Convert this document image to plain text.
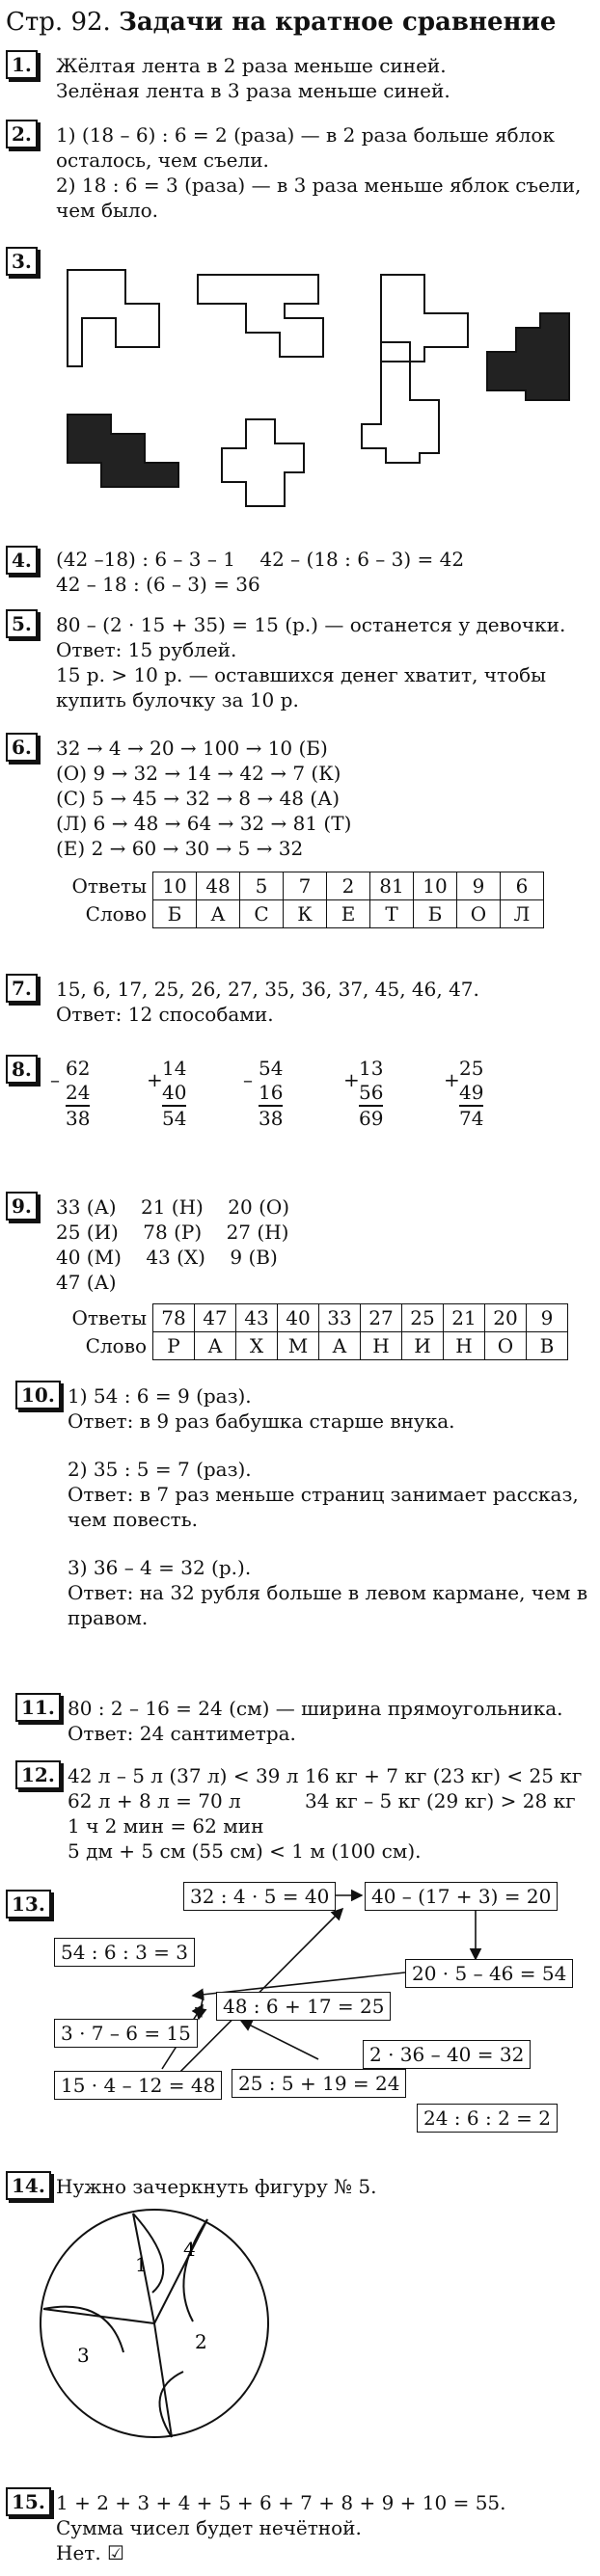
Стр. 92. Задачи на кратное сравнение
1.	Жёлтая лента в 2 раза меньше синей.
Зелёная лента в 3 раза меньше синей.
2.	1) (18 – 6) : 6 = 2 (раза) — в 2 раза больше яблок
осталось, чем съели.
2) 18 : 6 = 3 (раза) — в 3 раза меньше яблок съели,
чем было.
3.
4.	(42 –18) : 6 – 3 – 1    42 – (18 : 6 – 3) = 42
42 – 18 : (6 – 3) = 36
5.	80 – (2 · 15 + 35) = 15 (р.) — останется у девочки.
Ответ: 15 рублей.
15 р. > 10 р. — оставшихся денег хватит, чтобы
купить булочку за 10 р.
6.	32 → 4 → 20 → 100 → 10 (Б)
(О) 9 → 32 → 14 → 42 → 7 (К)
(С) 5 → 45 → 32 → 8 → 48 (А)
(Л) 6 → 48 → 64 → 32 → 81 (Т)
(Е) 2 → 60 → 30 → 5 → 32
Ответы	10	48	5	7	2	81	10	9	6
Слово	Б	А	С	К	Е	Т	Б	О	Л
7.	15, 6, 17, 25, 26, 27, 35, 36, 37, 45, 46, 47.
Ответ: 12 способами.
8. – 62
24
38
+ 14
40
54
– 54
16
38
+ 13
56
69
+ 25
49
74
9.	33 (А)    21 (Н)    20 (О)
25 (И)    78 (Р)    27 (Н)
40 (М)    43 (Х)    9 (В)
47 (А)
Ответы	78	47	43	40	33	27	25	21	20	9
Слово	Р	А	Х	М	А	Н	И	Н	О	В
10. 1) 54 : 6 = 9 (раз).
Ответ: в 9 раз бабушка старше внука.
2) 35 : 5 = 7 (раз).
Ответ: в 7 раз меньше страниц занимает рассказ,
чем повесть.
3) 36 – 4 = 32 (р.).
Ответ: на 32 рубля больше в левом кармане, чем в
правом.
11. 80 : 2 – 16 = 24 (см) — ширина прямоугольника.
Ответ: 24 сантиметра.
12. 42 л – 5 л (37 л) < 39 л
62 л + 8 л = 70 л
1 ч 2 мин = 62 мин
5 дм + 5 см (55 см) < 1 м (100 см).
16 кг + 7 кг (23 кг) < 25 кг
34 кг – 5 кг (29 кг) > 28 кг
13.	32 : 4 · 5 = 40	40 – (17 + 3) = 20
54 : 6 : 3 = 3
20 · 5 – 46 = 54
48 : 6 + 17 = 25
3 · 7 – 6 = 15
2 · 36 – 40 = 32
15 · 4 – 12 = 48	25 : 5 + 19 = 24
24 : 6 : 2 = 2
14. Нужно зачеркнуть фигуру № 5.
1
4
3
2
15. 1 + 2 + 3 + 4 + 5 + 6 + 7 + 8 + 9 + 10 = 55.
Сумма чисел будет нечётной.
Нет. ☑
